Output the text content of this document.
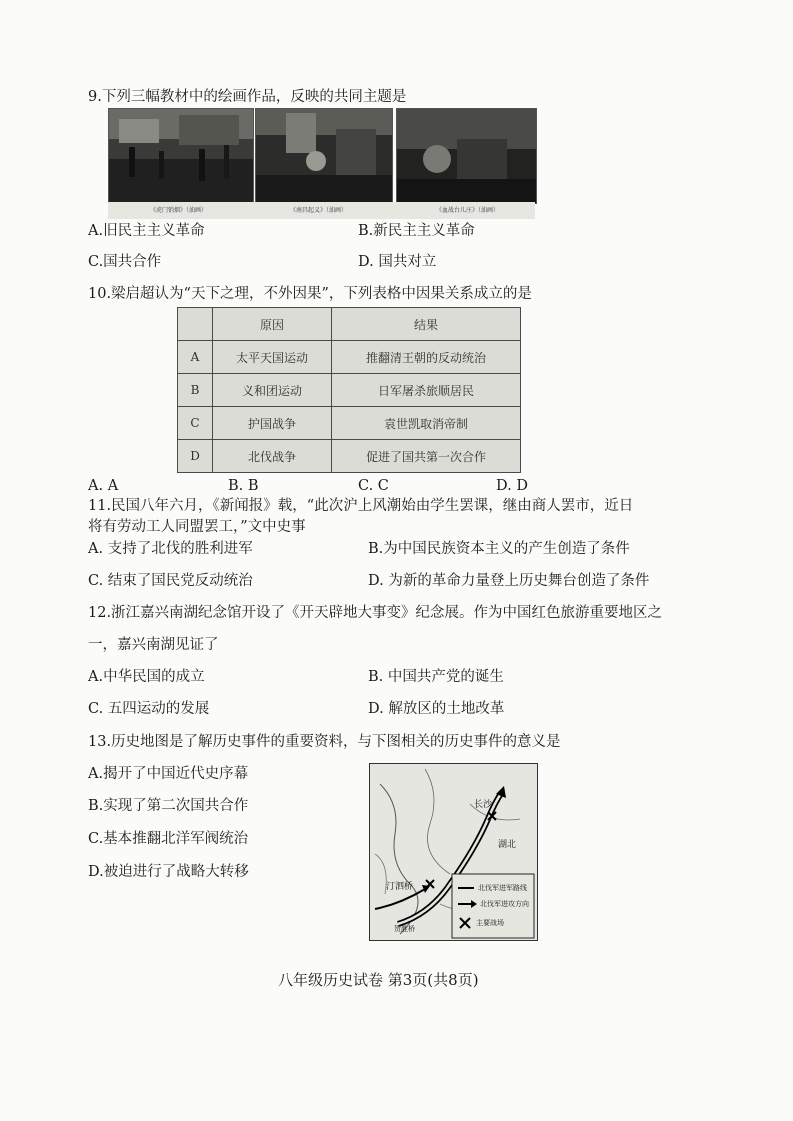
9.下列三幅教材中的绘画作品，反映的共同主题是
《虎门销烟》（油画）	《南昌起义》（油画）	《血战台儿庄》（油画）
A.旧民主主义革命	B.新民主主义革命
C.国共合作	D. 国共对立
10.梁启超认为“天下之理，不外因果”，下列表格中因果关系成立的是
	原因	结果
A	太平天国运动	推翻清王朝的反动统治
B	义和团运动	日军屠杀旅顺居民
C	护国战争	袁世凯取消帝制
D	北伐战争	促进了国共第一次合作
A. A	B. B	C. C	D. D
11.民国八年六月，《新闻报》载，“此次沪上风潮始由学生罢课，继由商人罢市，近日
将有劳动工人同盟罢工，”文中史事
A. 支持了北伐的胜利进军	B.为中国民族资本主义的产生创造了条件
C. 结束了国民党反动统治	D. 为新的革命力量登上历史舞台创造了条件
12.浙江嘉兴南湖纪念馆开设了《开天辟地大事变》纪念展。作为中国红色旅游重要地区之
一，嘉兴南湖见证了
A.中华民国的成立	B. 中国共产党的诞生
C. 五四运动的发展	D. 解放区的土地改革
13.历史地图是了解历史事件的重要资料，与下图相关的历史事件的意义是
A.揭开了中国近代史序幕
B.实现了第二次国共合作
C.基本推翻北洋军阀统治
D.被迫进行了战略大转移
长沙
汀泗桥
贺胜桥
湖北
北伐军进军路线
北伐军进攻方向
主要战场
八年级历史试卷 第3页(共8页)
